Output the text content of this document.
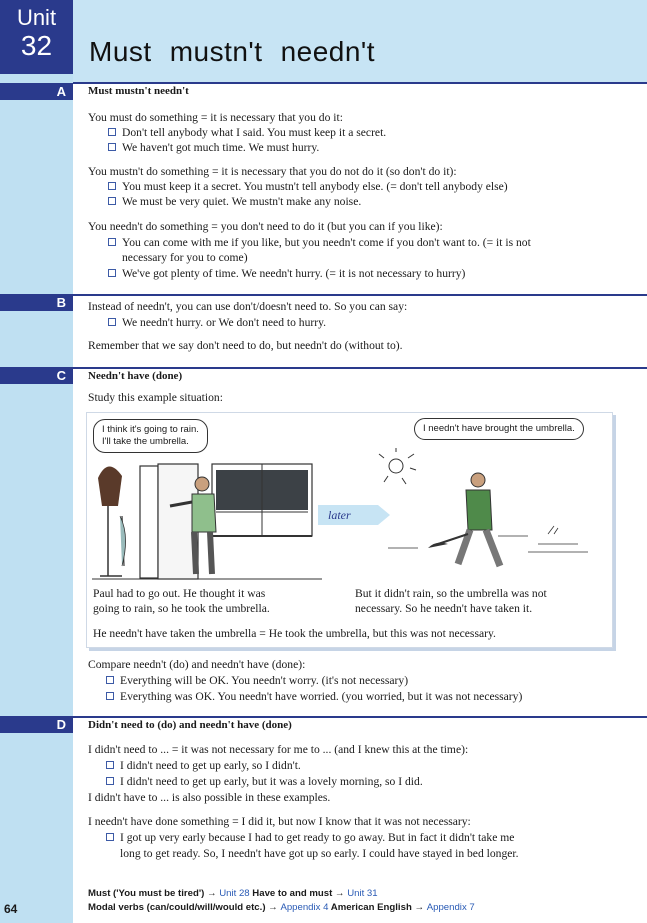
Unit
32	Must mustn't needn't
A	Must mustn't needn't
You must do something = it is necessary that you do it:
Don't tell anybody what I said. You must keep it a secret.
We haven't got much time. We must hurry.
You mustn't do something = it is necessary that you do not do it (so don't do it):
You must keep it a secret. You mustn't tell anybody else. (= don't tell anybody else)
We must be very quiet. We mustn't make any noise.
You needn't do something = you don't need to do it (but you can if you like):
You can come with me if you like, but you needn't come if you don't want to. (= it is not
necessary for you to come)
We've got plenty of time. We needn't hurry. (= it is not necessary to hurry)
B	Instead of needn't, you can use don't/doesn't need to. So you can say:
We needn't hurry. or We don't need to hurry.
Remember that we say don't need to do, but needn't do (without to).
C	Needn't have (done)
Study this example situation:
I think it's going to rain.
I'll take the umbrella.
I needn't have brought the umbrella.
later
Paul had to go out. He thought it was
going to rain, so he took the umbrella.
But it didn't rain, so the umbrella was not
necessary. So he needn't have taken it.
He needn't have taken the umbrella = He took the umbrella, but this was not necessary.
Compare needn't (do) and needn't have (done):
Everything will be OK. You needn't worry. (it's not necessary)
Everything was OK. You needn't have worried. (you worried, but it was not necessary)
D	Didn't need to (do) and needn't have (done)
I didn't need to ... = it was not necessary for me to ... (and I knew this at the time):
I didn't need to get up early, so I didn't.
I didn't need to get up early, but it was a lovely morning, so I did.
I didn't have to ... is also possible in these examples.
I needn't have done something = I did it, but now I know that it was not necessary:
I got up very early because I had to get ready to go away. But in fact it didn't take me
long to get ready. So, I needn't have got up so early. I could have stayed in bed longer.
Must ('You must be tired') → Unit 28 Have to and must → Unit 31
Modal verbs (can/could/will/would etc.) → Appendix 4 American English → Appendix 7
64
